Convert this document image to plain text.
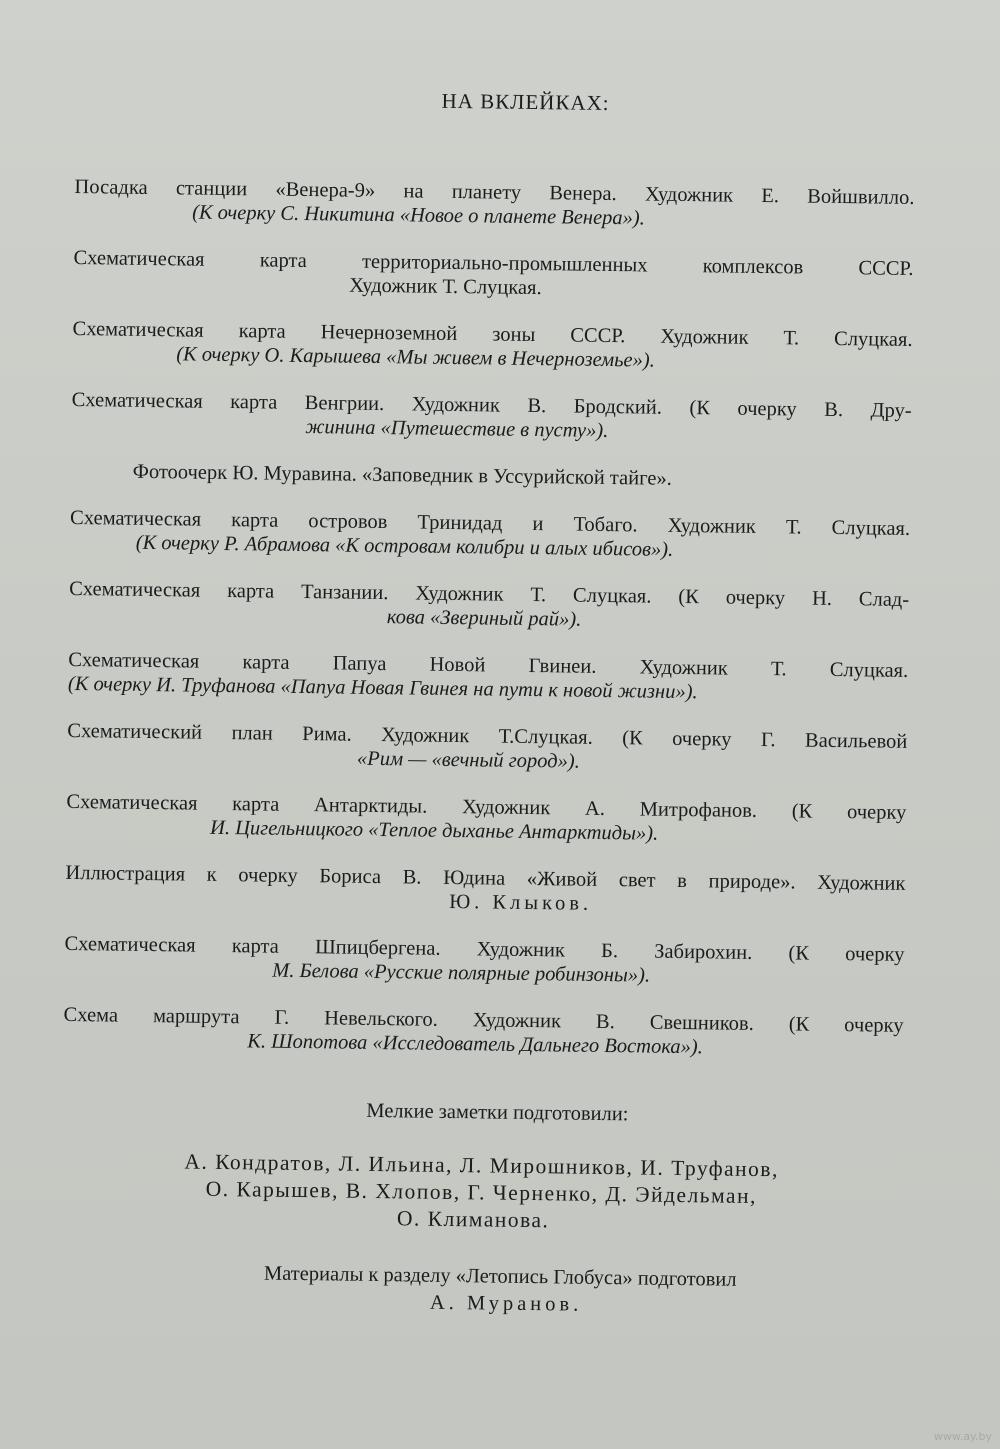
НА ВКЛЕЙКАХ:
Посадка станции «Венера-9» на планету Венера. Художник Е. Войшвилло.
(К очерку С. Никитина «Новое о планете Венера»).
Схематическая карта территориально-промышленных комплексов СССР.
Художник Т. Слуцкая.
Схематическая карта Нечерноземной зоны СССР. Художник Т. Слуцкая.
(К очерку О. Карышева «Мы живем в Нечерноземье»).
Схематическая карта Венгрии. Художник В. Бродский. (К очерку В. Дру-
жинина «Путешествие в пусту»).
Фотоочерк Ю. Муравина. «Заповедник в Уссурийской тайге».
Схематическая карта островов Тринидад и Тобаго. Художник Т. Слуцкая.
(К очерку Р. Абрамова «К островам колибри и алых ибисов»).
Схематическая карта Танзании. Художник Т. Слуцкая. (К очерку Н. Слад-
кова «Звериный рай»).
Схематическая карта Папуа Новой Гвинеи. Художник Т. Слуцкая.
(К очерку И. Труфанова «Папуа Новая Гвинея на пути к новой жизни»).
Схематический план Рима. Художник Т.Слуцкая. (К очерку Г. Васильевой
«Рим — «вечный город»).
Схематическая карта Антарктиды. Художник А. Митрофанов. (К очерку
И. Цигельницкого «Теплое дыханье Антарктиды»).
Иллюстрация к очерку Бориса В. Юдина «Живой свет в природе». Художник
Ю. Клыков.
Схематическая карта Шпицбергена. Художник Б. Забирохин. (К очерку
М. Белова «Русские полярные робинзоны»).
Схема маршрута Г. Невельского. Художник В. Свешников. (К очерку
К. Шопотова «Исследователь Дальнего Востока»).
Мелкие заметки подготовили:
А. Кондратов, Л. Ильина, Л. Мирошников, И. Труфанов,
О. Карышев, В. Хлопов, Г. Черненко, Д. Эйдельман,
О. Климанова.
Материалы к разделу «Летопись Глобуса» подготовил
А. Муранов.
www.ay.by
